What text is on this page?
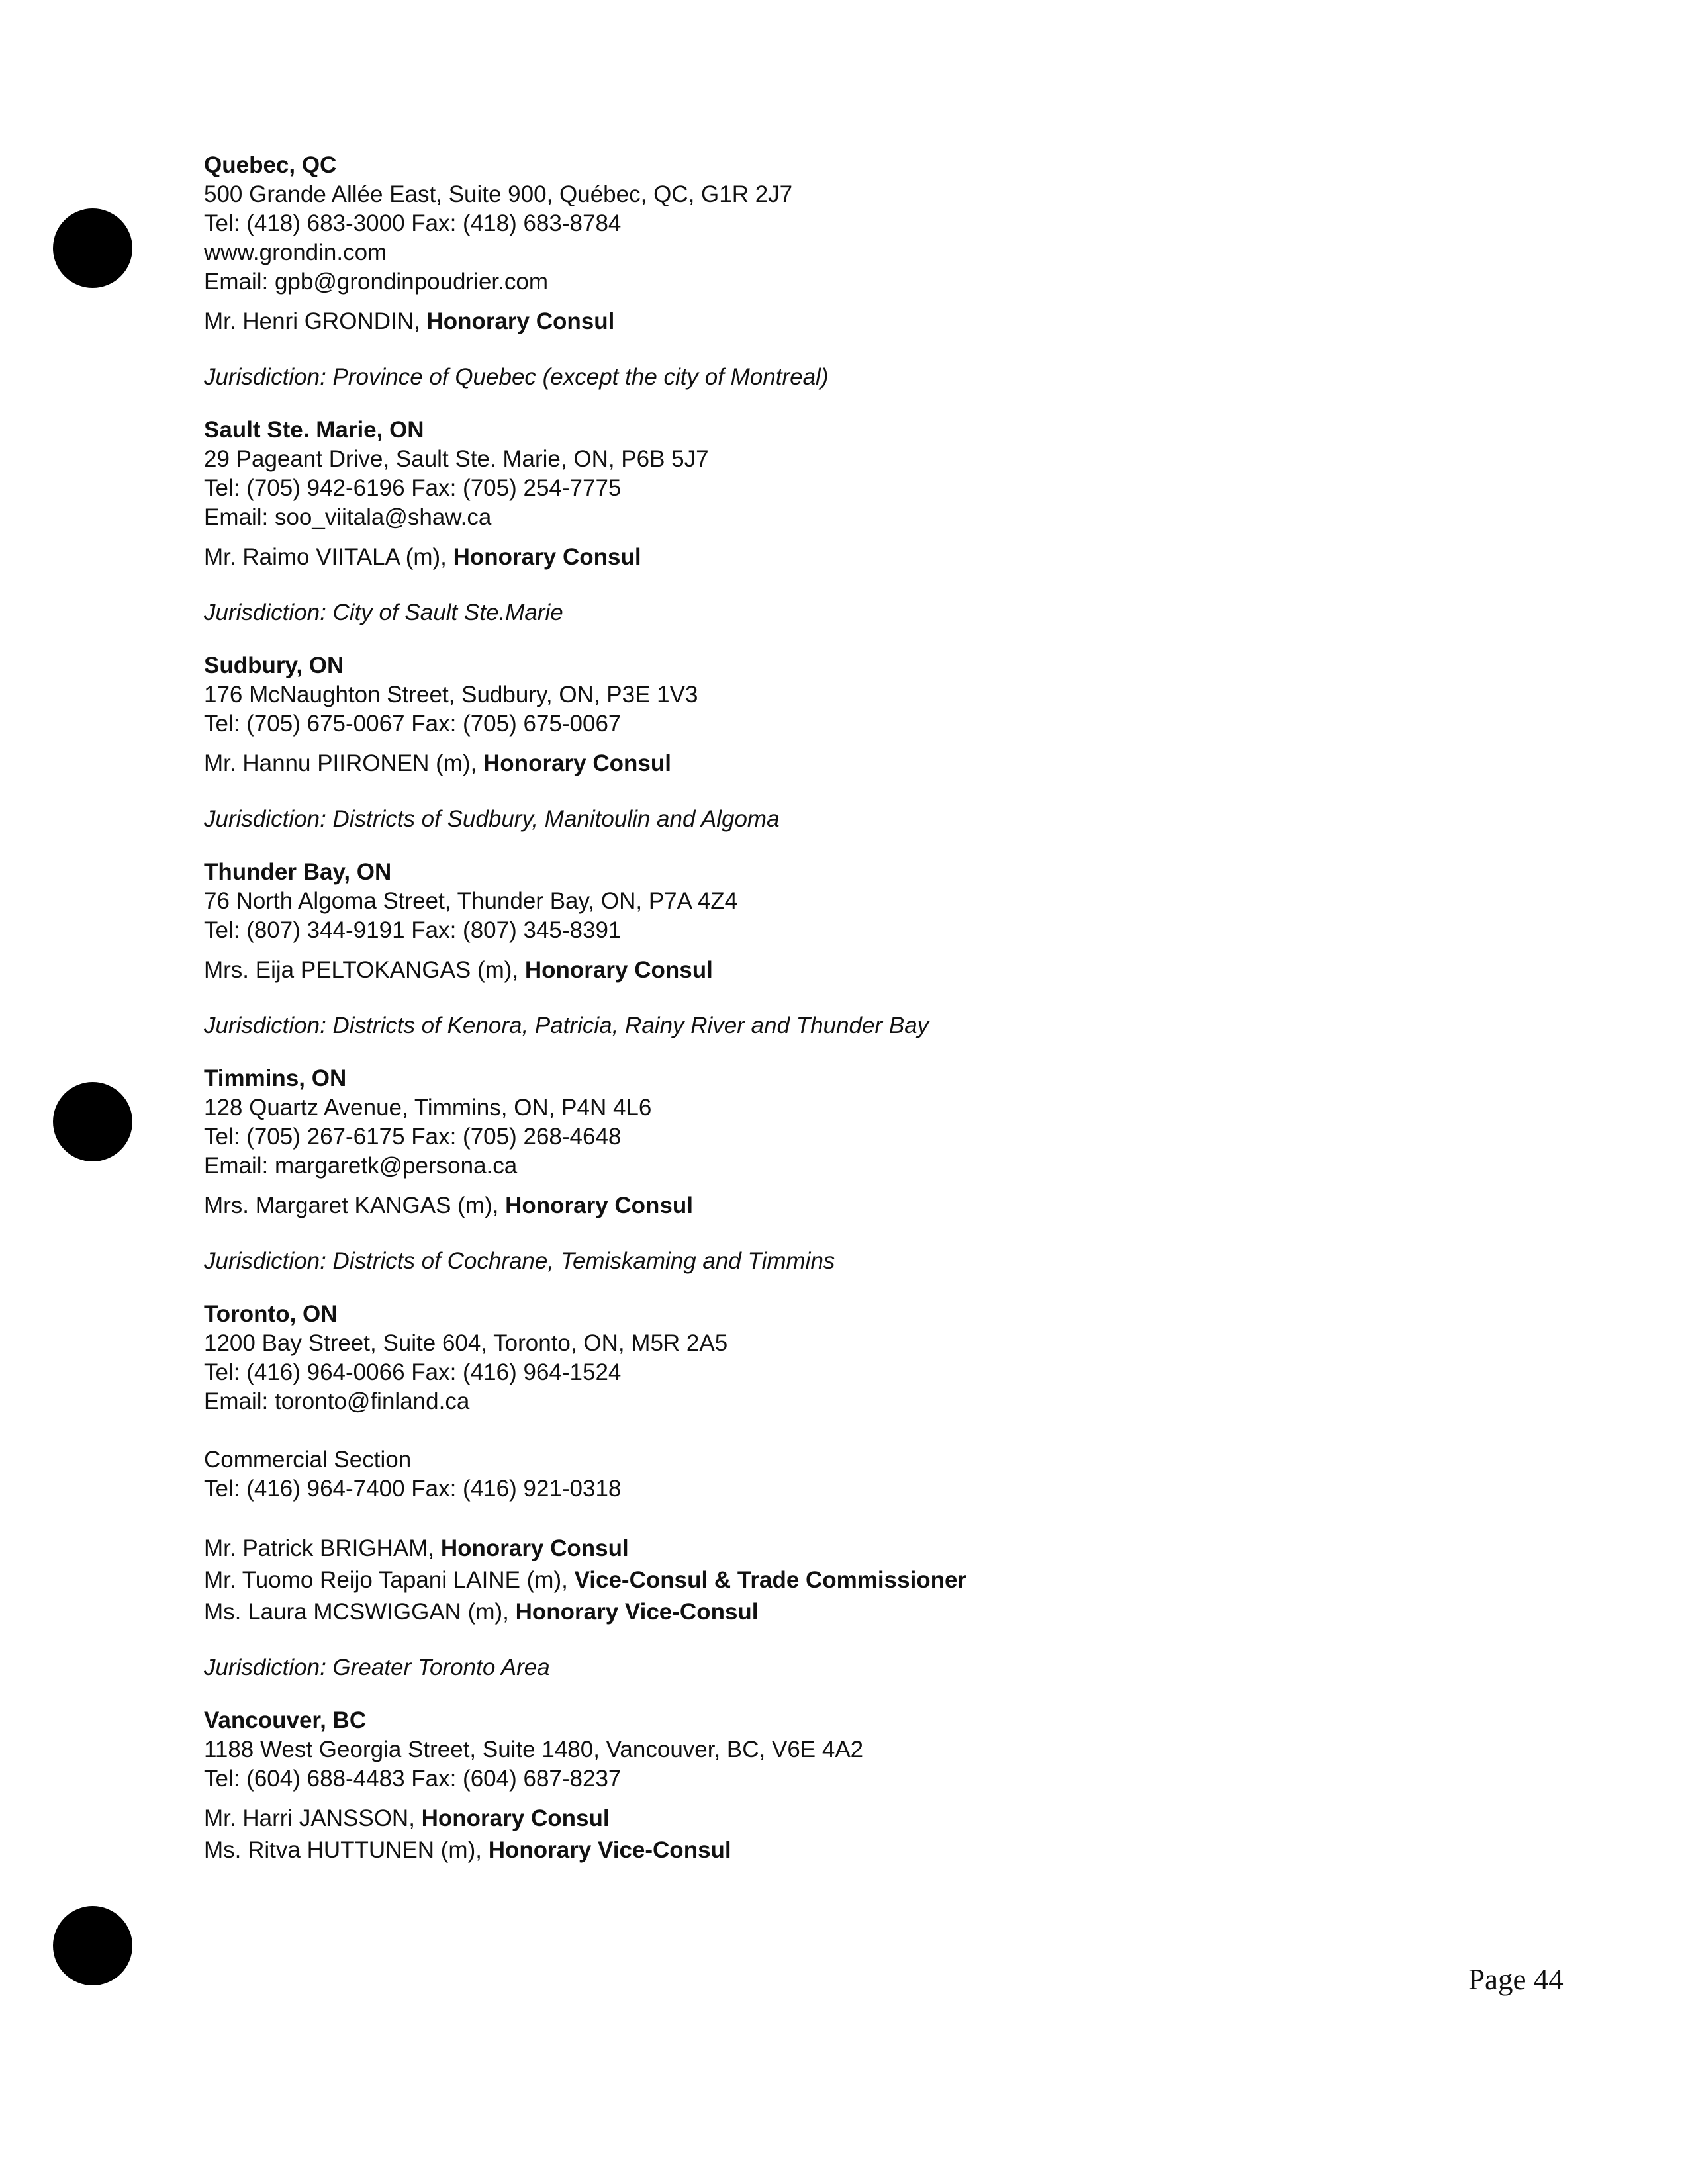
Quebec, QC
500 Grande Allée East, Suite 900, Québec, QC, G1R 2J7
Tel: (418) 683-3000 Fax: (418) 683-8784
www.grondin.com
Email: gpb@grondinpoudrier.com
Mr. Henri GRONDIN, Honorary Consul
Jurisdiction: Province of Quebec (except the city of Montreal)
Sault Ste. Marie, ON
29 Pageant Drive, Sault Ste. Marie, ON, P6B 5J7
Tel: (705) 942-6196 Fax: (705) 254-7775
Email: soo_viitala@shaw.ca
Mr. Raimo VIITALA (m), Honorary Consul
Jurisdiction: City of Sault Ste.Marie
Sudbury, ON
176 McNaughton Street, Sudbury, ON, P3E 1V3
Tel: (705) 675-0067 Fax: (705) 675-0067
Mr. Hannu PIIRONEN (m), Honorary Consul
Jurisdiction: Districts of Sudbury, Manitoulin and Algoma
Thunder Bay, ON
76 North Algoma Street, Thunder Bay, ON, P7A 4Z4
Tel: (807) 344-9191 Fax: (807) 345-8391
Mrs. Eija PELTOKANGAS (m), Honorary Consul
Jurisdiction: Districts of Kenora, Patricia, Rainy River and Thunder Bay
Timmins, ON
128 Quartz Avenue, Timmins, ON, P4N 4L6
Tel: (705) 267-6175 Fax: (705) 268-4648
Email: margaretk@persona.ca
Mrs. Margaret KANGAS (m), Honorary Consul
Jurisdiction: Districts of Cochrane, Temiskaming and Timmins
Toronto, ON
1200 Bay Street, Suite 604, Toronto, ON, M5R 2A5
Tel: (416) 964-0066 Fax: (416) 964-1524
Email: toronto@finland.ca
Commercial Section
Tel: (416) 964-7400 Fax: (416) 921-0318
Mr. Patrick BRIGHAM, Honorary Consul
Mr. Tuomo Reijo Tapani LAINE (m), Vice-Consul & Trade Commissioner
Ms. Laura MCSWIGGAN (m), Honorary Vice-Consul
Jurisdiction: Greater Toronto Area
Vancouver, BC
1188 West Georgia Street, Suite 1480, Vancouver, BC, V6E 4A2
Tel: (604) 688-4483 Fax: (604) 687-8237
Mr. Harri JANSSON, Honorary Consul
Ms. Ritva HUTTUNEN (m), Honorary Vice-Consul
Page 44
